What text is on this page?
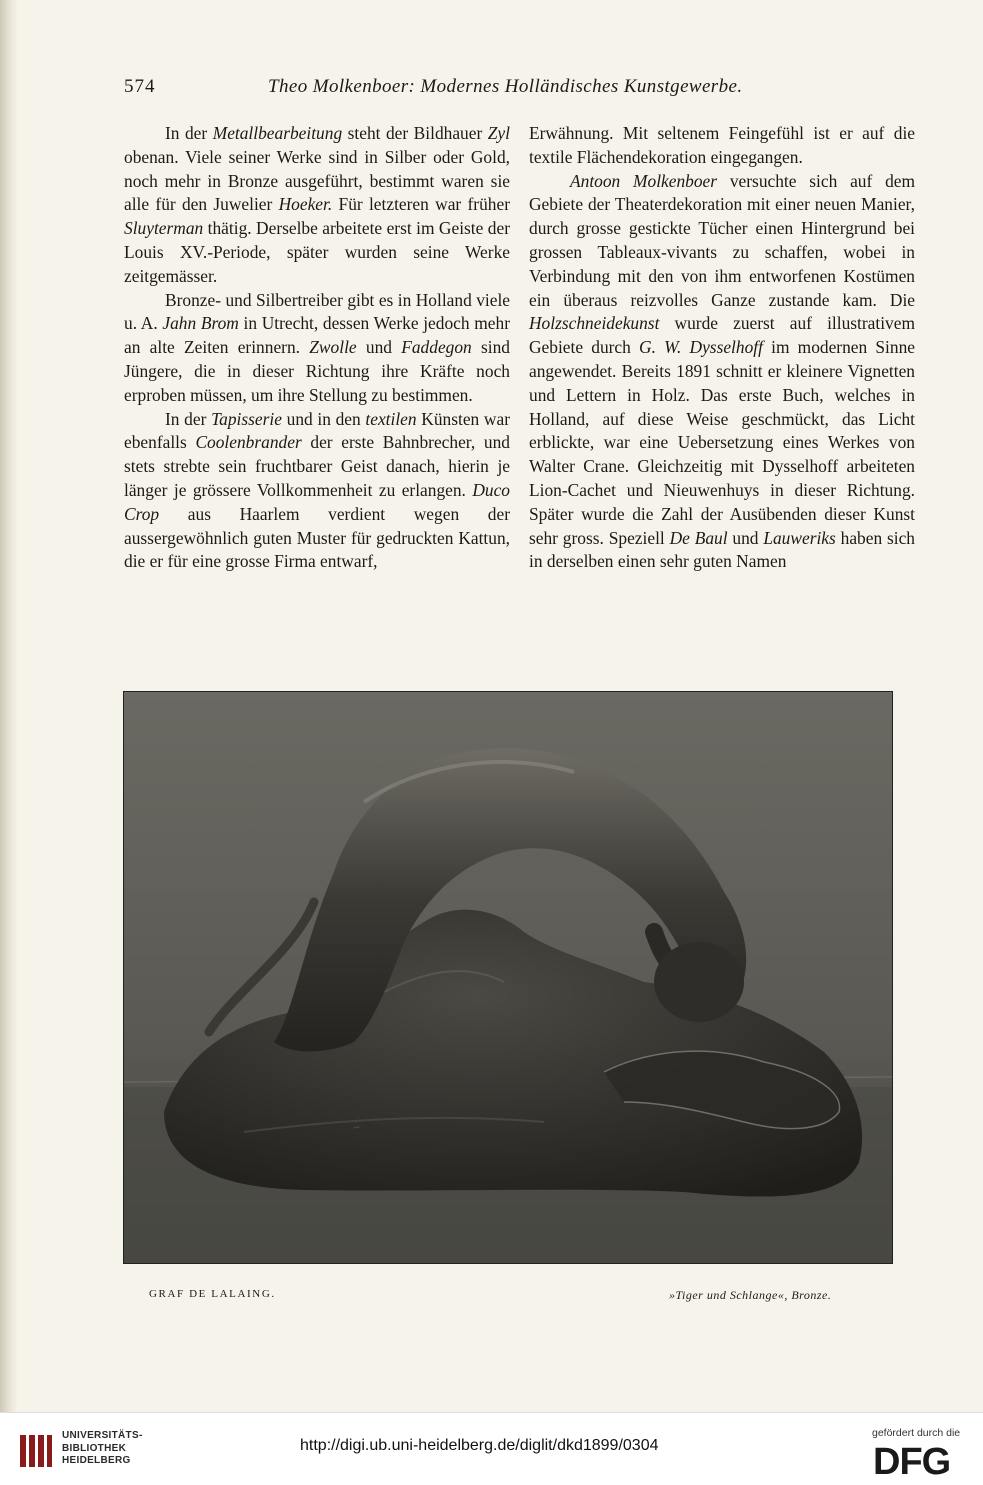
574	Theo Molkenboer: Modernes Holländisches Kunstgewerbe.

In der Metallbearbeitung steht der Bildhauer Zyl obenan. Viele seiner Werke sind in Silber oder Gold, noch mehr in Bronze ausgeführt, bestimmt waren sie alle für den Juwelier Hoeker. Für letzteren war früher Sluyterman thätig. Derselbe arbeitete erst im Geiste der Louis XV.-Periode, später wurden seine Werke zeitgemässer.

Bronze- und Silbertreiber gibt es in Holland viele u. A. Jahn Brom in Utrecht, dessen Werke jedoch mehr an alte Zeiten erinnern. Zwolle und Faddegon sind Jüngere, die in dieser Richtung ihre Kräfte noch erproben müssen, um ihre Stellung zu bestimmen.

In der Tapisserie und in den textilen Künsten war ebenfalls Coolenbrander der erste Bahnbrecher, und stets strebte sein fruchtbarer Geist danach, hierin je länger je grössere Vollkommenheit zu erlangen. Duco Crop aus Haarlem verdient wegen der aussergewöhnlich guten Muster für gedruckten Kattun, die er für eine grosse Firma entwarf,

Erwähnung. Mit seltenem Feingefühl ist er auf die textile Flächendekoration eingegangen.

Antoon Molkenboer versuchte sich auf dem Gebiete der Theaterdekoration mit einer neuen Manier, durch grosse gestickte Tücher einen Hintergrund bei grossen Tableaux-vivants zu schaffen, wobei in Verbindung mit den von ihm entworfenen Kostümen ein überaus reizvolles Ganze zustande kam. Die Holzschneidekunst wurde zuerst auf illustrativem Gebiete durch G. W. Dysselhoff im modernen Sinne angewendet. Bereits 1891 schnitt er kleinere Vignetten und Lettern in Holz. Das erste Buch, welches in Holland, auf diese Weise geschmückt, das Licht erblickte, war eine Uebersetzung eines Werkes von Walter Crane. Gleichzeitig mit Dysselhoff arbeiteten Lion-Cachet und Nieuwenhuys in dieser Richtung. Später wurde die Zahl der Ausübenden dieser Kunst sehr gross. Speziell De Baul und Lauweriks haben sich in derselben einen sehr guten Namen

~
GRAF DE LALAING.	»Tiger und Schlange«, Bronze.
UNIVERSITÄTS-
BIBLIOTHEK
HEIDELBERG
http://digi.ub.uni-heidelberg.de/diglit/dkd1899/0304
gefördert durch die
DFG
